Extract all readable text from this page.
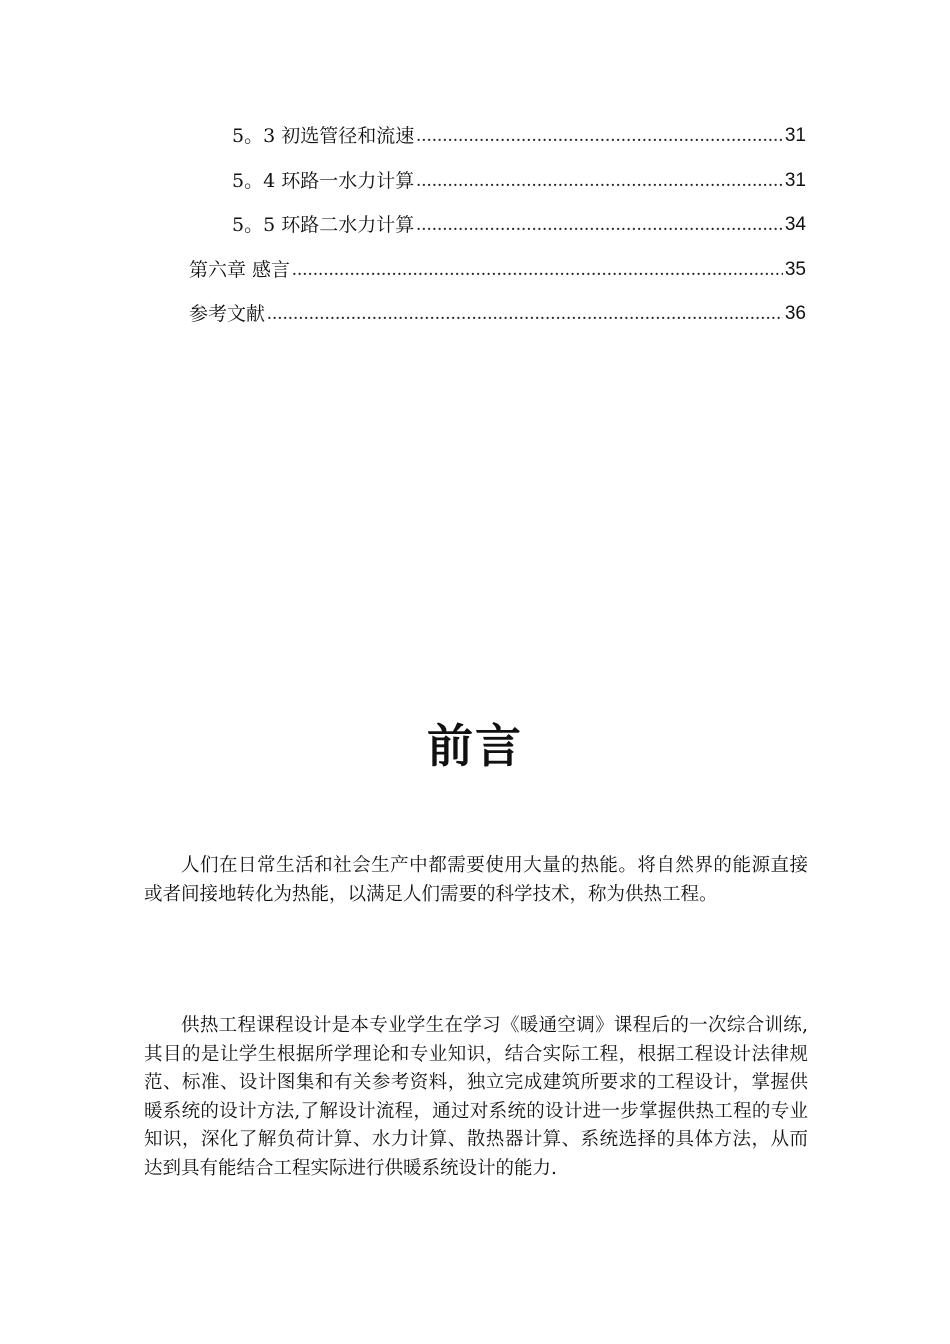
5。3 初选管径和流速 .....	31
5。4 环路一水力计算 .....	31
5。5 环路二水力计算 .....	34
第六章 感言 .....	35
参考文献 .....	36
前言

人们在日常生活和社会生产中都需要使用大量的热能。将自然界的能源直接或者间接地转化为热能，以满足人们需要的科学技术，称为供热工程。

供热工程课程设计是本专业学生在学习《暖通空调》课程后的一次综合训练,其目的是让学生根据所学理论和专业知识，结合实际工程，根据工程设计法律规范、标准、设计图集和有关参考资料，独立完成建筑所要求的工程设计，掌握供暖系统的设计方法,了解设计流程，通过对系统的设计进一步掌握供热工程的专业知识，深化了解负荷计算、水力计算、散热器计算、系统选择的具体方法，从而达到具有能结合工程实际进行供暖系统设计的能力.
